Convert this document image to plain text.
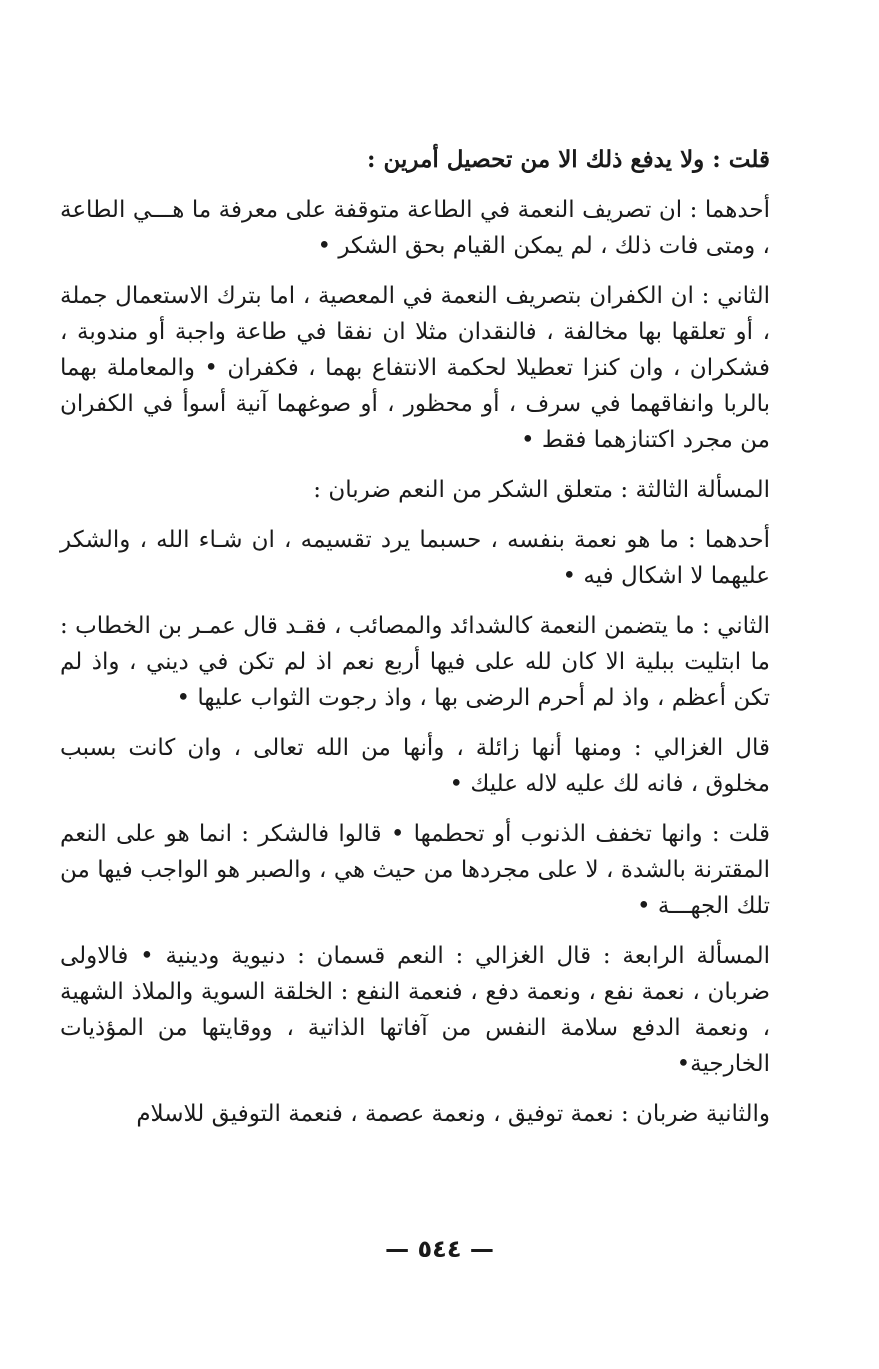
قلت : ولا يدفع ذلك الا من تحصيل أمرين :

أحدهما : ان تصريف النعمة في الطاعة متوقفة على معرفة ما هـــي الطاعة ، ومتى فات ذلك ، لم يمكن القيام بحق الشكر •

الثاني : ان الكفران بتصريف النعمة في المعصية ، اما بترك الاستعمال جملة ، أو تعلقها بها مخالفة ، فالنقدان مثلا ان نفقا في طاعة واجبة أو مندوبة ، فشكران ، وان كنزا تعطيلا لحكمة الانتفاع بهما ، فكفران • والمعاملة بهما بالربا وانفاقهما في سرف ، أو محظور ، أو صوغهما آنية أسوأ في الكفران من مجرد اكتنازهما فقط •

المسألة الثالثة : متعلق الشكر من النعم ضربان :

أحدهما : ما هو نعمة بنفسه ، حسبما يرد تقسيمه ، ان شـاء الله ، والشكر عليهما لا اشكال فيه •

الثاني : ما يتضمن النعمة كالشدائد والمصائب ، فقـد قال عمـر بن الخطاب : ما ابتليت ببلية الا كان لله على فيها أربع نعم اذ لم تكن في ديني ، واذ لم تكن أعظم ، واذ لم أحرم الرضى بها ، واذ رجوت الثواب عليها •

قال الغزالي : ومنها أنها زائلة ، وأنها من الله تعالى ، وان كانت بسبب مخلوق ، فانه لك عليه لاله عليك •

قلت : وانها تخفف الذنوب أو تحطمها • قالوا فالشكر : انما هو على النعم المقترنة بالشدة ، لا على مجردها من حيث هي ، والصبر هو الواجب فيها من تلك الجهـــة •

المسألة الرابعة : قال الغزالي : النعم قسمان : دنيوية ودينية • فالاولى ضربان ، نعمة نفع ، ونعمة دفع ، فنعمة النفع : الخلقة السوية والملاذ الشهية ، ونعمة الدفع سلامة النفس من آفاتها الذاتية ، ووقايتها من المؤذيات الخارجية•

والثانية ضربان : نعمة توفيق ، ونعمة عصمة ، فنعمة التوفيق للاسلام

— ٥٤٤ —
